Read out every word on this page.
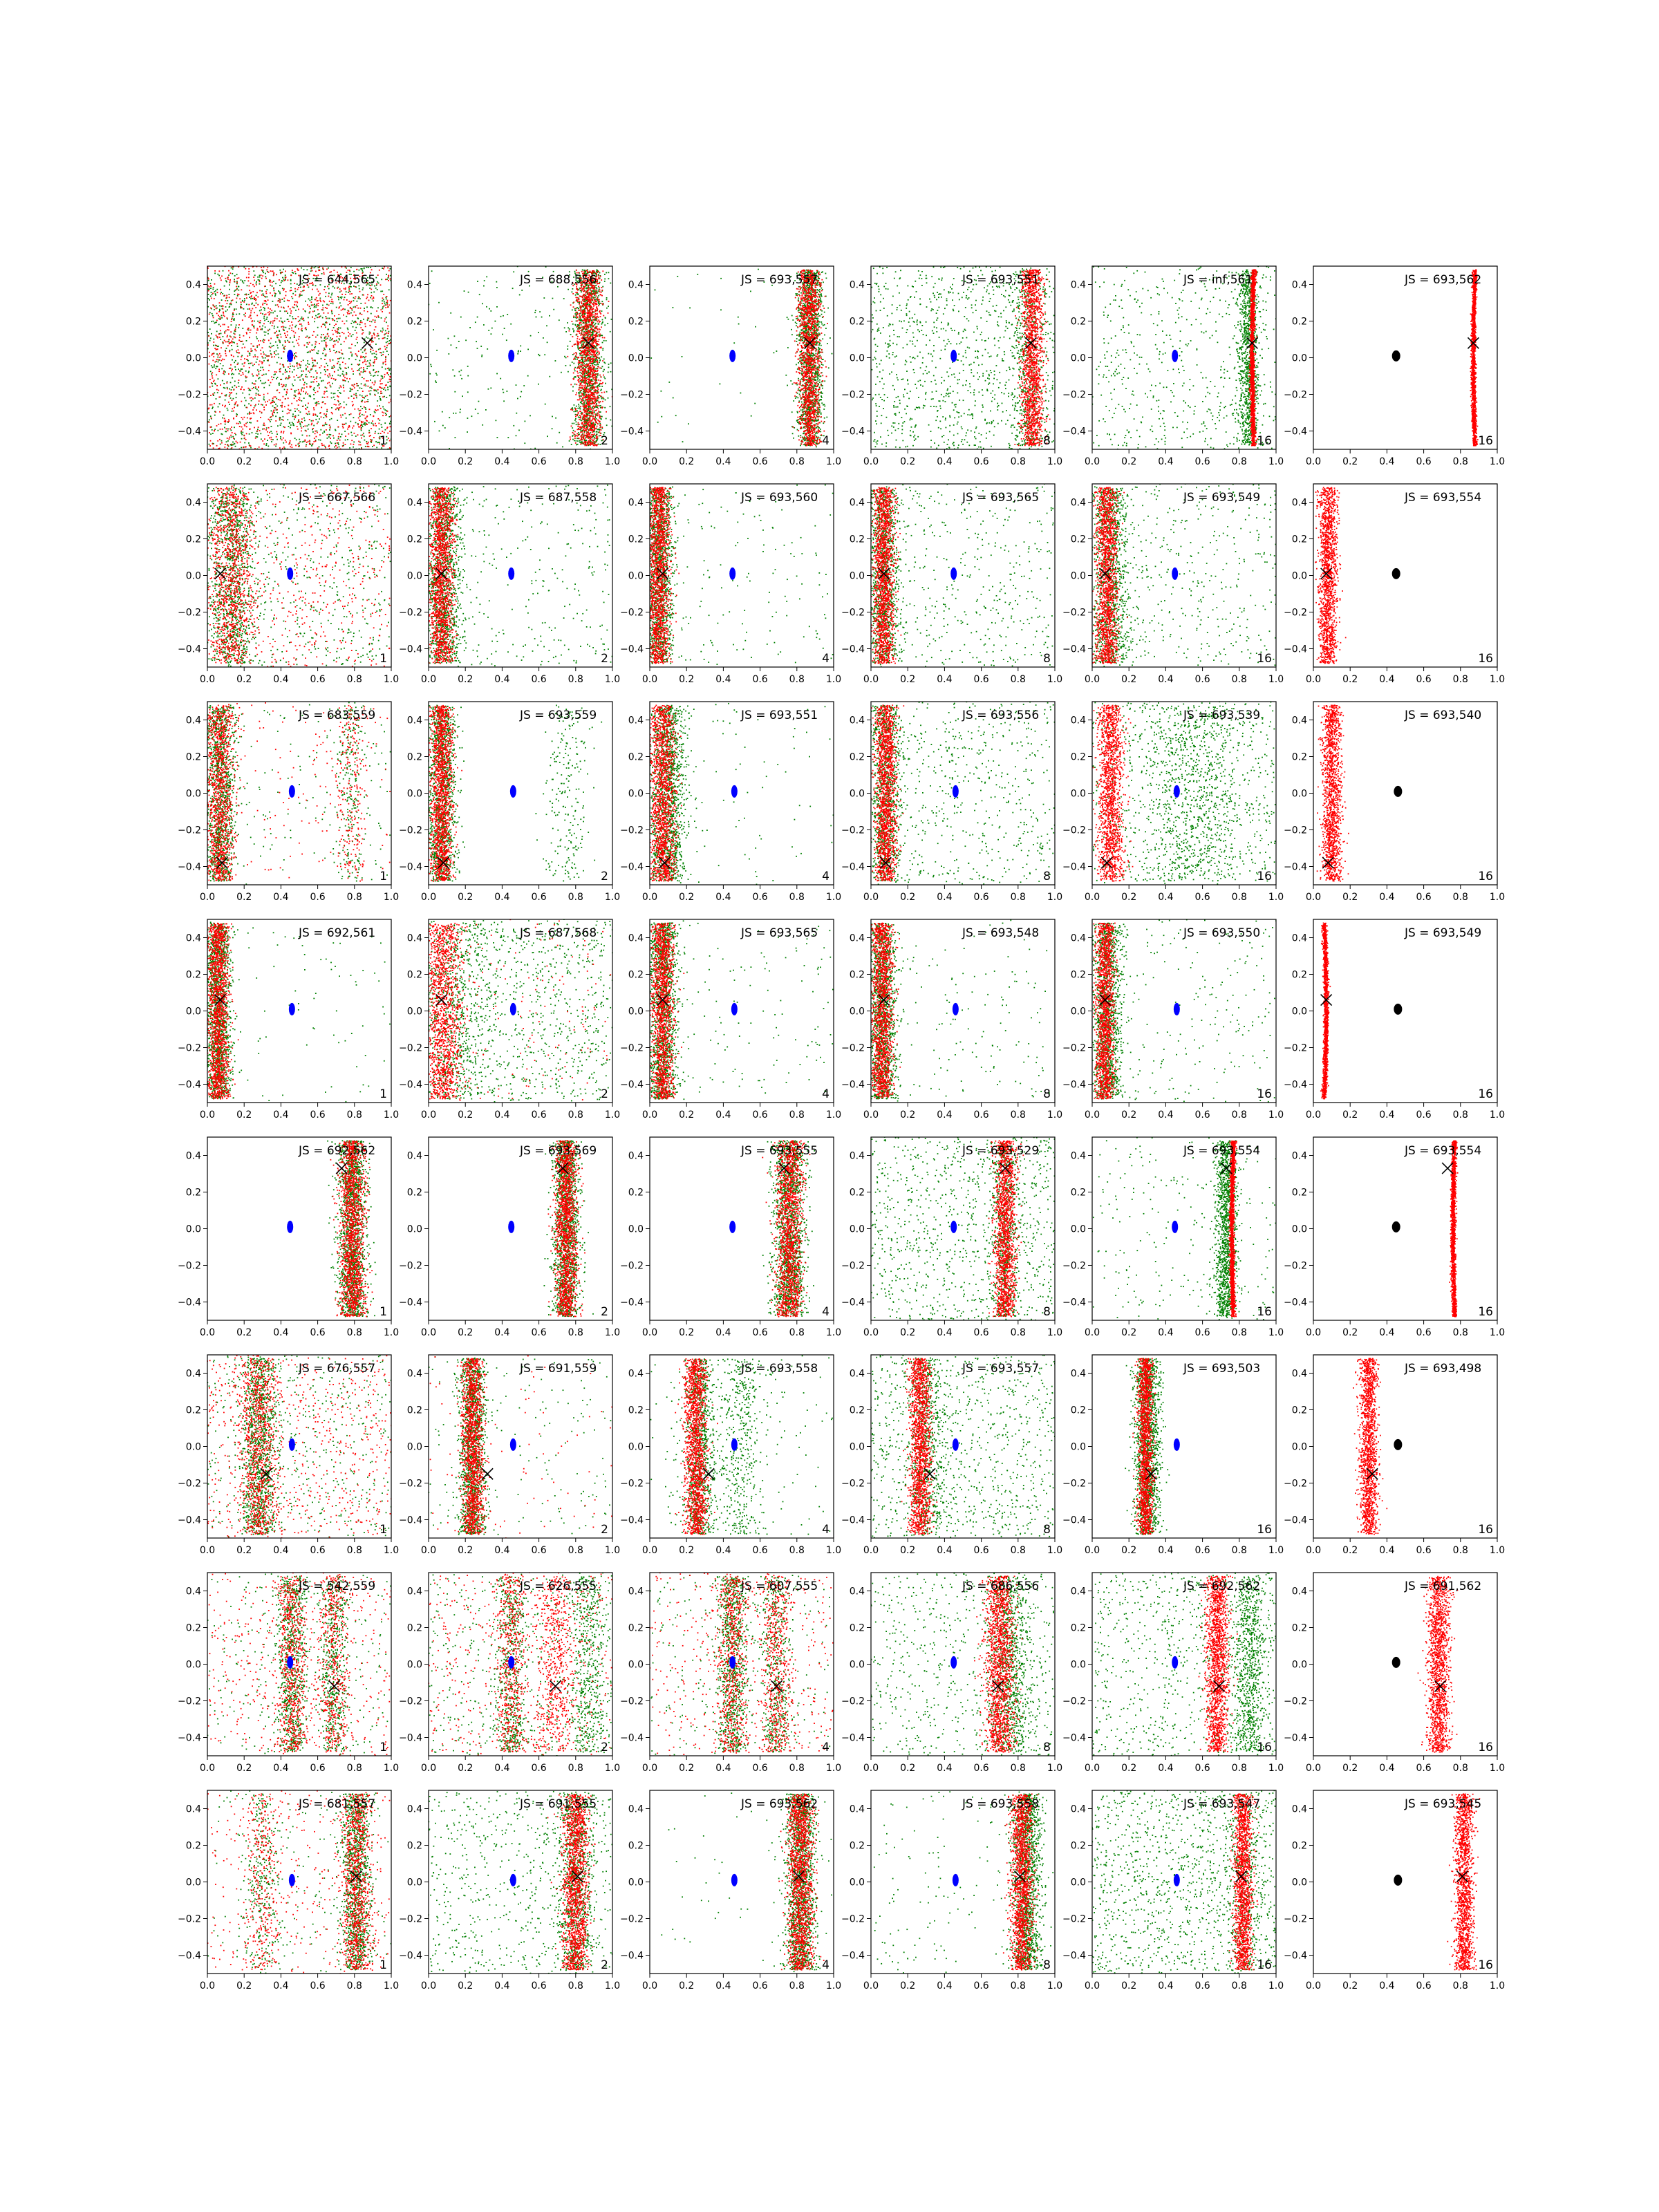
0.0 0.2 0.4 0.6 0.8 1.0
0.4
0.2
0.0
−0.2
−0.4
JS = 644,565
1
0.0 0.2 0.4 0.6 0.8 1.0
0.4
0.2
0.0
−0.2
−0.4
JS = 688,556
2
0.0 0.2 0.4 0.6 0.8 1.0
0.4
0.2
0.0
−0.2
−0.4
JS = 693,557
4
0.0 0.2 0.4 0.6 0.8 1.0
0.4
0.2
0.0
−0.2
−0.4
JS = 693,551
8
0.0 0.2 0.4 0.6 0.8 1.0
0.4
0.2
0.0
−0.2
−0.4
JS = inf,561
16
0.0 0.2 0.4 0.6 0.8 1.0
0.4
0.2
0.0
−0.2
−0.4
JS = 693,562
16
0.0 0.2 0.4 0.6 0.8 1.0
0.4
0.2
0.0
−0.2
−0.4
JS = 667,566
1
0.0 0.2 0.4 0.6 0.8 1.0
0.4
0.2
0.0
−0.2
−0.4
JS = 687,558
2
0.0 0.2 0.4 0.6 0.8 1.0
0.4
0.2
0.0
−0.2
−0.4
JS = 693,560
4
0.0 0.2 0.4 0.6 0.8 1.0
0.4
0.2
0.0
−0.2
−0.4
JS = 693,565
8
0.0 0.2 0.4 0.6 0.8 1.0
0.4
0.2
0.0
−0.2
−0.4
JS = 693,549
16
0.0 0.2 0.4 0.6 0.8 1.0
0.4
0.2
0.0
−0.2
−0.4
JS = 693,554
16
0.0 0.2 0.4 0.6 0.8 1.0
0.4
0.2
0.0
−0.2
−0.4
JS = 683,559
1
0.0 0.2 0.4 0.6 0.8 1.0
0.4
0.2
0.0
−0.2
−0.4
JS = 693,559
2
0.0 0.2 0.4 0.6 0.8 1.0
0.4
0.2
0.0
−0.2
−0.4
JS = 693,551
4
0.0 0.2 0.4 0.6 0.8 1.0
0.4
0.2
0.0
−0.2
−0.4
JS = 693,556
8
0.0 0.2 0.4 0.6 0.8 1.0
0.4
0.2
0.0
−0.2
−0.4
JS = 693,539
16
0.0 0.2 0.4 0.6 0.8 1.0
0.4
0.2
0.0
−0.2
−0.4
JS = 693,540
16
0.0 0.2 0.4 0.6 0.8 1.0
0.4
0.2
0.0
−0.2
−0.4
JS = 692,561
1
0.0 0.2 0.4 0.6 0.8 1.0
0.4
0.2
0.0
−0.2
−0.4
JS = 687,568
2
0.0 0.2 0.4 0.6 0.8 1.0
0.4
0.2
0.0
−0.2
−0.4
JS = 693,565
4
0.0 0.2 0.4 0.6 0.8 1.0
0.4
0.2
0.0
−0.2
−0.4
JS = 693,548
8
0.0 0.2 0.4 0.6 0.8 1.0
0.4
0.2
0.0
−0.2
−0.4
JS = 693,550
16
0.0 0.2 0.4 0.6 0.8 1.0
0.4
0.2
0.0
−0.2
−0.4
JS = 693,549
16
0.0 0.2 0.4 0.6 0.8 1.0
0.4
0.2
0.0
−0.2
−0.4
JS = 692,562
1
0.0 0.2 0.4 0.6 0.8 1.0
0.4
0.2
0.0
−0.2
−0.4
JS = 693,569
2
0.0 0.2 0.4 0.6 0.8 1.0
0.4
0.2
0.0
−0.2
−0.4
JS = 693,555
4
0.0 0.2 0.4 0.6 0.8 1.0
0.4
0.2
0.0
−0.2
−0.4
JS = 693,529
8
0.0 0.2 0.4 0.6 0.8 1.0
0.4
0.2
0.0
−0.2
−0.4
JS = 693,554
16
0.0 0.2 0.4 0.6 0.8 1.0
0.4
0.2
0.0
−0.2
−0.4
JS = 693,554
16
0.0 0.2 0.4 0.6 0.8 1.0
0.4
0.2
0.0
−0.2
−0.4
JS = 676,557
1
0.0 0.2 0.4 0.6 0.8 1.0
0.4
0.2
0.0
−0.2
−0.4
JS = 691,559
2
0.0 0.2 0.4 0.6 0.8 1.0
0.4
0.2
0.0
−0.2
−0.4
JS = 693,558
4
0.0 0.2 0.4 0.6 0.8 1.0
0.4
0.2
0.0
−0.2
−0.4
JS = 693,557
8
0.0 0.2 0.4 0.6 0.8 1.0
0.4
0.2
0.0
−0.2
−0.4
JS = 693,503
16
0.0 0.2 0.4 0.6 0.8 1.0
0.4
0.2
0.0
−0.2
−0.4
JS = 693,498
16
0.0 0.2 0.4 0.6 0.8 1.0
0.4
0.2
0.0
−0.2
−0.4
JS = 542,559
1
0.0 0.2 0.4 0.6 0.8 1.0
0.4
0.2
0.0
−0.2
−0.4
JS = 626,555
2
0.0 0.2 0.4 0.6 0.8 1.0
0.4
0.2
0.0
−0.2
−0.4
JS = 607,555
4
0.0 0.2 0.4 0.6 0.8 1.0
0.4
0.2
0.0
−0.2
−0.4
JS = 686,556
8
0.0 0.2 0.4 0.6 0.8 1.0
0.4
0.2
0.0
−0.2
−0.4
JS = 692,562
16
0.0 0.2 0.4 0.6 0.8 1.0
0.4
0.2
0.0
−0.2
−0.4
JS = 691,562
16
0.0 0.2 0.4 0.6 0.8 1.0
0.4
0.2
0.0
−0.2
−0.4
JS = 681,557
1
0.0 0.2 0.4 0.6 0.8 1.0
0.4
0.2
0.0
−0.2
−0.4
JS = 691,555
2
0.0 0.2 0.4 0.6 0.8 1.0
0.4
0.2
0.0
−0.2
−0.4
JS = 693,562
4
0.0 0.2 0.4 0.6 0.8 1.0
0.4
0.2
0.0
−0.2
−0.4
JS = 693,558
8
0.0 0.2 0.4 0.6 0.8 1.0
0.4
0.2
0.0
−0.2
−0.4
JS = 693,547
16
0.0 0.2 0.4 0.6 0.8 1.0
0.4
0.2
0.0
−0.2
−0.4
JS = 693,545
16
